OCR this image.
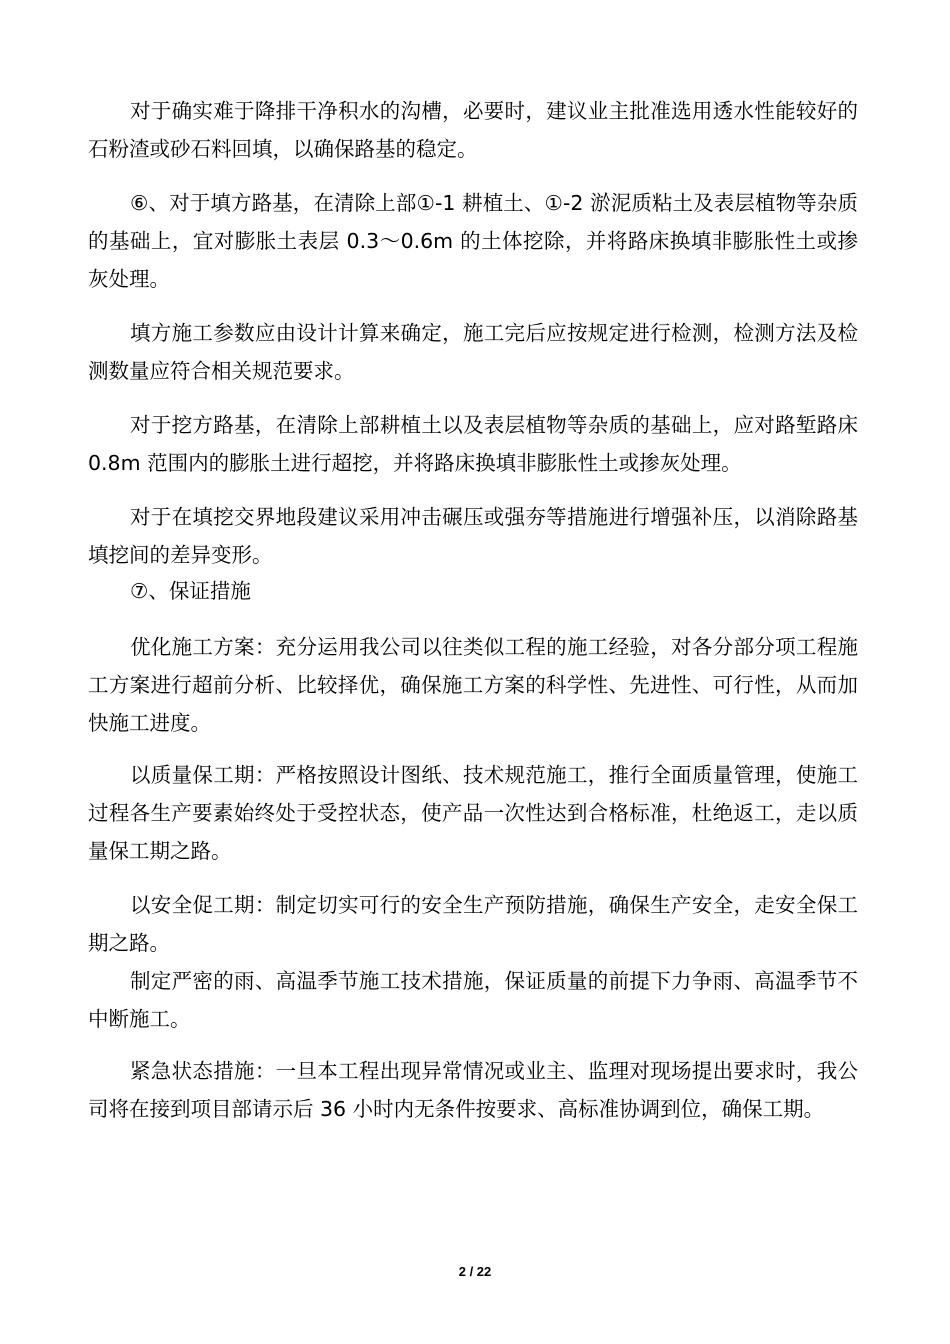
对于确实难于降排干净积水的沟槽，必要时，建议业主批准选用透水性能较好的石粉渣或砂石料回填，以确保路基的稳定。

⑥、对于填方路基，在清除上部①-1 耕植土、①-2 淤泥质粘土及表层植物等杂质的基础上，宜对膨胀土表层 0.3～0.6m 的土体挖除，并将路床换填非膨胀性土或掺灰处理。

填方施工参数应由设计计算来确定，施工完后应按规定进行检测，检测方法及检测数量应符合相关规范要求。

对于挖方路基，在清除上部耕植土以及表层植物等杂质的基础上，应对路堑路床 0.8m 范围内的膨胀土进行超挖，并将路床换填非膨胀性土或掺灰处理。

对于在填挖交界地段建议采用冲击碾压或强夯等措施进行增强补压，以消除路基填挖间的差异变形。

⑦、保证措施

优化施工方案：充分运用我公司以往类似工程的施工经验，对各分部分项工程施工方案进行超前分析、比较择优，确保施工方案的科学性、先进性、可行性，从而加快施工进度。

以质量保工期：严格按照设计图纸、技术规范施工，推行全面质量管理，使施工过程各生产要素始终处于受控状态，使产品一次性达到合格标准，杜绝返工，走以质量保工期之路。

以安全促工期：制定切实可行的安全生产预防措施，确保生产安全，走安全保工期之路。

制定严密的雨、高温季节施工技术措施，保证质量的前提下力争雨、高温季节不中断施工。

紧急状态措施：一旦本工程出现异常情况或业主、监理对现场提出要求时，我公司将在接到项目部请示后 36 小时内无条件按要求、高标准协调到位，确保工期。

2 / 22
